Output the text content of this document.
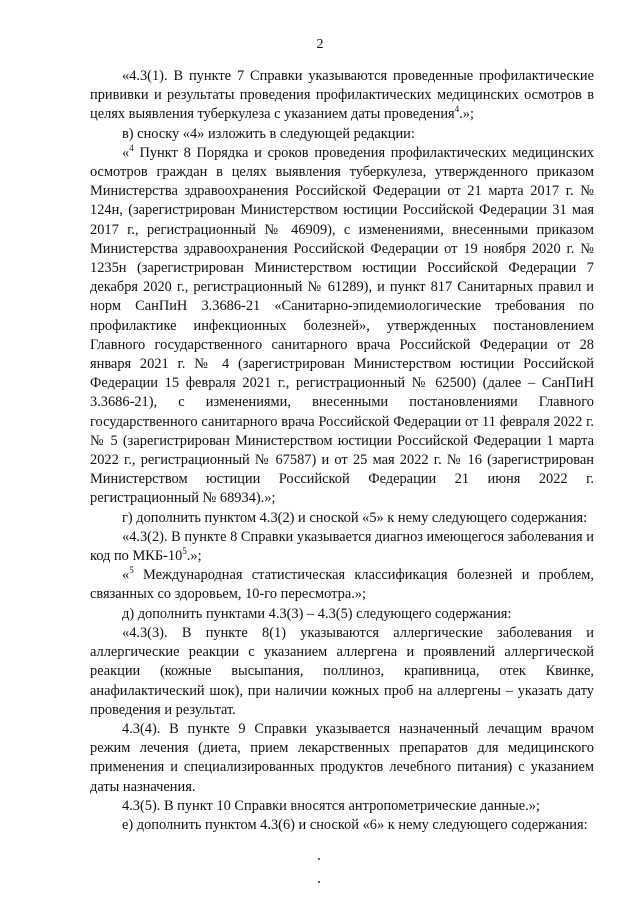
2

«4.3(1). В пункте 7 Справки указываются проведенные профилактические прививки и результаты проведения профилактических медицинских осмотров в целях выявления туберкулеза с указанием даты проведения$^4$.»;

в) сноску «4» изложить в следующей редакции:

«$^4$ Пункт 8 Порядка и сроков проведения профилактических медицинских осмотров граждан в целях выявления туберкулеза, утвержденного приказом Министерства здравоохранения Российской Федерации от 21 марта 2017 г. № 124н, (зарегистрирован Министерством юстиции Российской Федерации 31 мая 2017 г., регистрационный № 46909), с изменениями, внесенными приказом Министерства здравоохранения Российской Федерации от 19 ноября 2020 г. № 1235н (зарегистрирован Министерством юстиции Российской Федерации 7 декабря 2020 г., регистрационный № 61289), и пункт 817 Санитарных правил и норм СанПиН 3.3686-21 «Санитарно-эпидемиологические требования по профилактике инфекционных болезней», утвержденных постановлением Главного государственного санитарного врача Российской Федерации от 28 января 2021 г. № 4 (зарегистрирован Министерством юстиции Российской Федерации 15 февраля 2021 г., регистрационный № 62500) (далее – СанПиН 3.3686-21), с изменениями, внесенными постановлениями Главного государственного санитарного врача Российской Федерации от 11 февраля 2022 г. № 5 (зарегистрирован Министерством юстиции Российской Федерации 1 марта 2022 г., регистрационный № 67587) и от 25 мая 2022 г. № 16 (зарегистрирован Министерством юстиции Российской Федерации 21 июня 2022 г. регистрационный № 68934).»;

г) дополнить пунктом 4.3(2) и сноской «5» к нему следующего содержания:

«4.3(2). В пункте 8 Справки указывается диагноз имеющегося заболевания и код по МКБ-$10^5$.»;

«$^5$ Международная статистическая классификация болезней и проблем, связанных со здоровьем, 10-го пересмотра.»;

д) дополнить пунктами 4.3(3) – 4.3(5) следующего содержания:

«4.3(3). В пункте 8(1) указываются аллергические заболевания и аллергические реакции с указанием аллергена и проявлений аллергической реакции (кожные высыпания, поллиноз, крапивница, отек Квинке, анафилактический шок), при наличии кожных проб на аллергены – указать дату проведения и результат.

4.3(4). В пункте 9 Справки указывается назначенный лечащим врачом режим лечения (диета, прием лекарственных препаратов для медицинского применения и специализированных продуктов лечебного питания) с указанием даты назначения.

4.3(5). В пункт 10 Справки вносятся антропометрические данные.»;

е) дополнить пунктом 4.3(6) и сноской «6» к нему следующего содержания:
